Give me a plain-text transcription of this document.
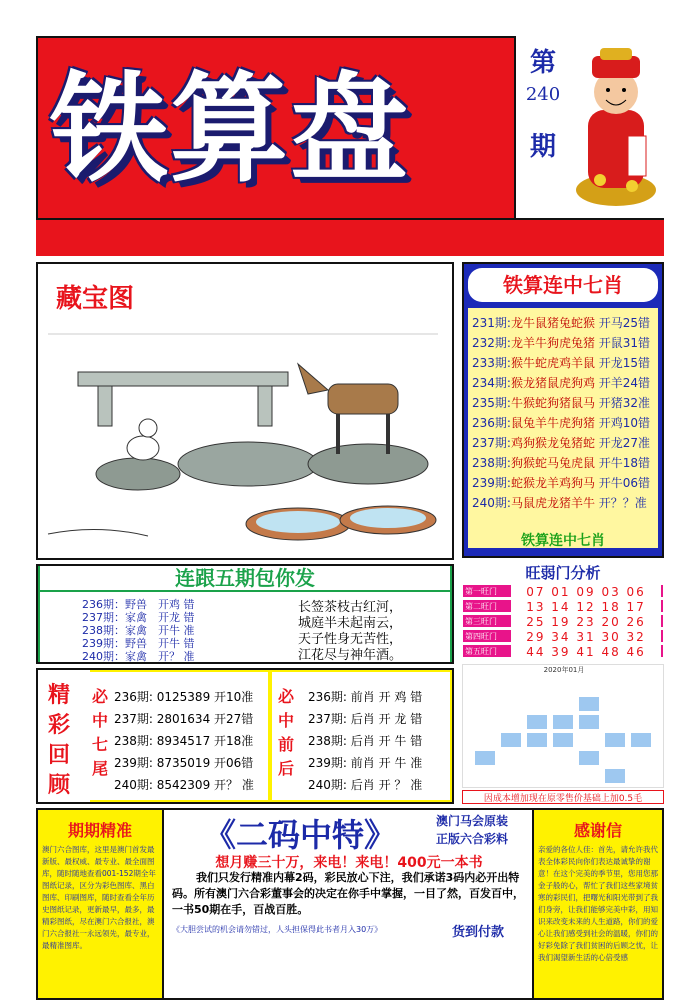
铁算盘	第
240
期
藏宝图	铁算连中七肖
231期:龙牛鼠猪兔蛇猴 开马25错
232期:龙羊牛狗虎兔猪 开鼠31错
233期:猴牛蛇虎鸡羊鼠 开龙15错
234期:猴龙猪鼠虎狗鸡 开羊24错
235期:牛猴蛇狗猪鼠马 开猪32准
236期:鼠兔羊牛虎狗猪 开鸡10错
237期:鸡狗猴龙兔猪蛇 开龙27准
238期:狗猴蛇马兔虎鼠 开牛18错
239期:蛇猴龙羊鸡狗马 开牛06错
240期:马鼠虎龙猪羊牛 开？？准
铁算连中七肖
连跟五期包你发
236期：野兽　开鸡 错
237期：家禽　开龙 错
238期：家禽　开牛 准
239期：野兽　开牛 错
240期：家禽　开？ 准
长签茶枝古红河，
城庭半未起南云，
天子性身无苦性，
江花尽与神年酒。
旺弱门分析
第一旺门	07 01 09 03 06
第二旺门	13 14 12 18 17
第三旺门	25 19 23 20 26
第四旺门	29 34 31 30 32
第五旺门	44 39 41 48 46
2020年01月
因成本增加现在原零售价基础上加0.5毛
精
彩
回
顾
必
中
七
尾
236期: 0125389 开10准
237期: 2801634 开27错
238期: 8934517 开18准
239期: 8735019 开06错
240期: 8542309 开？ 准
必
中
前
后
236期: 前肖 开 鸡 错
237期: 后肖 开 龙 错
238期: 后肖 开 牛 错
239期: 前肖 开 牛 准
240期: 后肖 开 ？ 准
期期精准
澳门六合图库，这里是澳门首发最新版、最权威、最专业、最全面图库，随时随地查看001-152期全年图纸记录，区分为彩色图库、黑白图库、印刷图库，随时查看全年历史图纸记录，更新最早，最多，最精彩图纸，尽在澳门六合报社，澳门六合报社一永远领先，最专业，最精准图库。
《二码中特》	澳门马会原装
正版六合彩料
想月赚三十万，来电！来电！400元一本书
我们只发行精准内幕2码，彩民放心下注，我们承诺3码内必开出特码。所有澳门六合彩董事会的决定在你手中掌握，一目了然，百发百中，一书50期在手，百战百胜。
《大胆尝试的机会请勿错过，人头担保得此书者月入30万》	货到付款
感谢信
亲爱的各位人佳：首先，请允许我代表全体彩民向你们表达最诚挚的谢意！在这个完美的季节里，您用您那金子般的心，帮忙了我们这些家境贫寒的彩民们，把曙光和阳光带到了我们身旁，让我们能够完美中彩，用知识来改变未来的人生道路，你们的爱心让我们感受到社会的温暖，你们的好彩免除了我们贫困的后顾之忧，让我们渴望新生活的心倍受感
